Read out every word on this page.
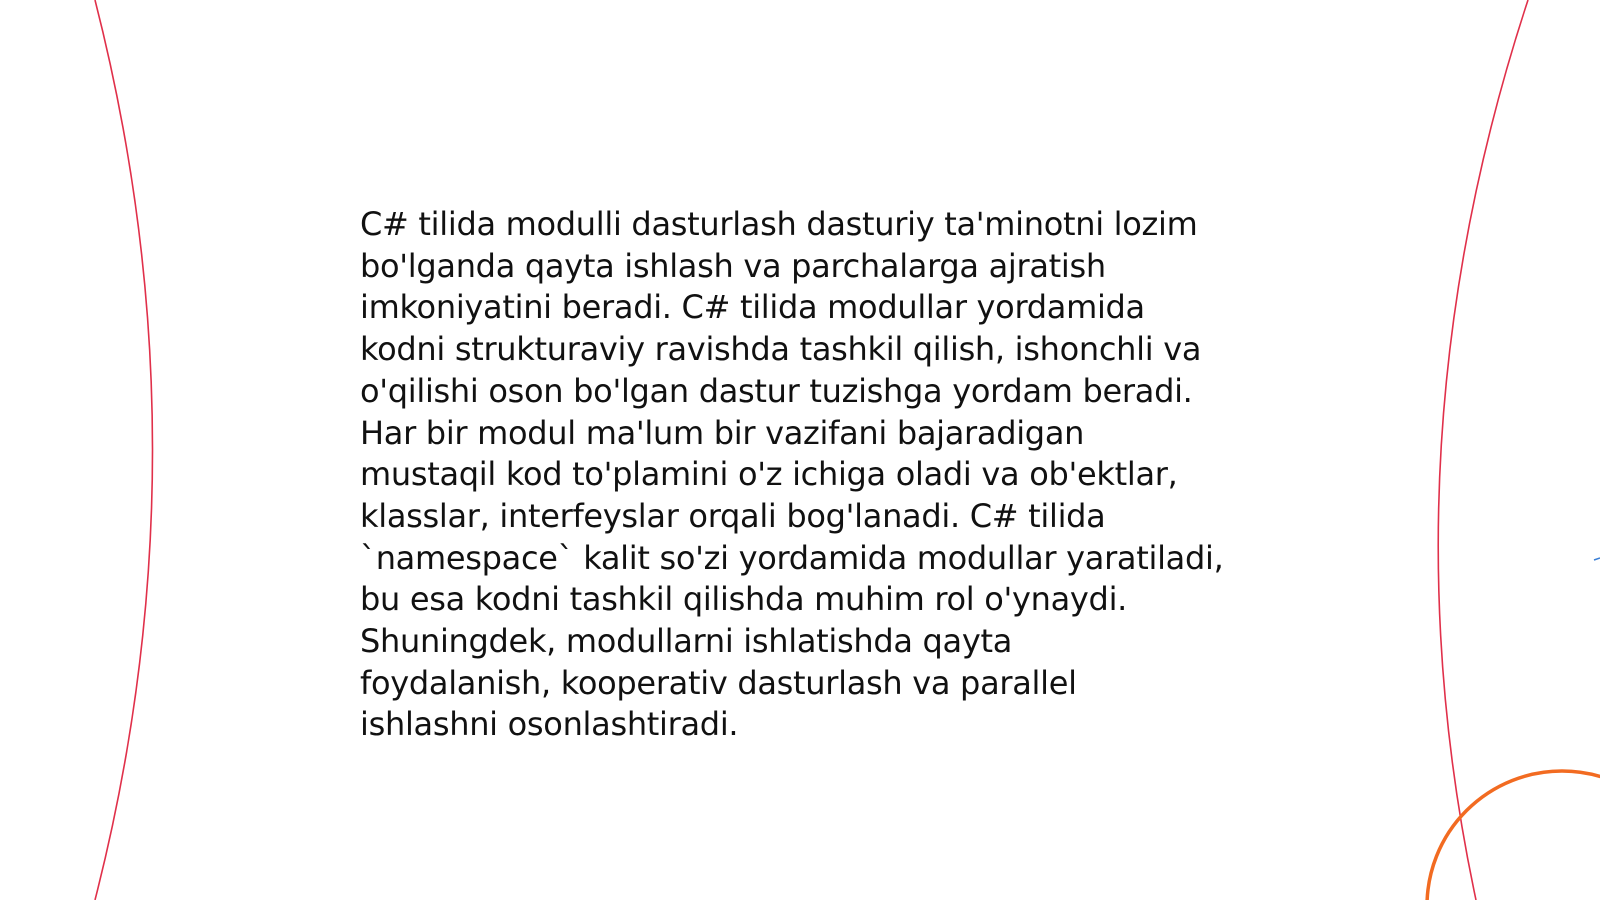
C# tilida modulli dasturlash dasturiy ta'minotni lozim
bo'lganda qayta ishlash va parchalarga ajratish
imkoniyatini beradi. C# tilida modullar yordamida
kodni strukturaviy ravishda tashkil qilish, ishonchli va
o'qilishi oson bo'lgan dastur tuzishga yordam beradi.
Har bir modul ma'lum bir vazifani bajaradigan
mustaqil kod to'plamini o'z ichiga oladi va ob'ektlar,
klasslar, interfeyslar orqali bog'lanadi. C# tilida
`namespace` kalit so'zi yordamida modullar yaratiladi,
bu esa kodni tashkil qilishda muhim rol o'ynaydi.
Shuningdek, modullarni ishlatishda qayta
foydalanish, kooperativ dasturlash va parallel
ishlashni osonlashtiradi.
